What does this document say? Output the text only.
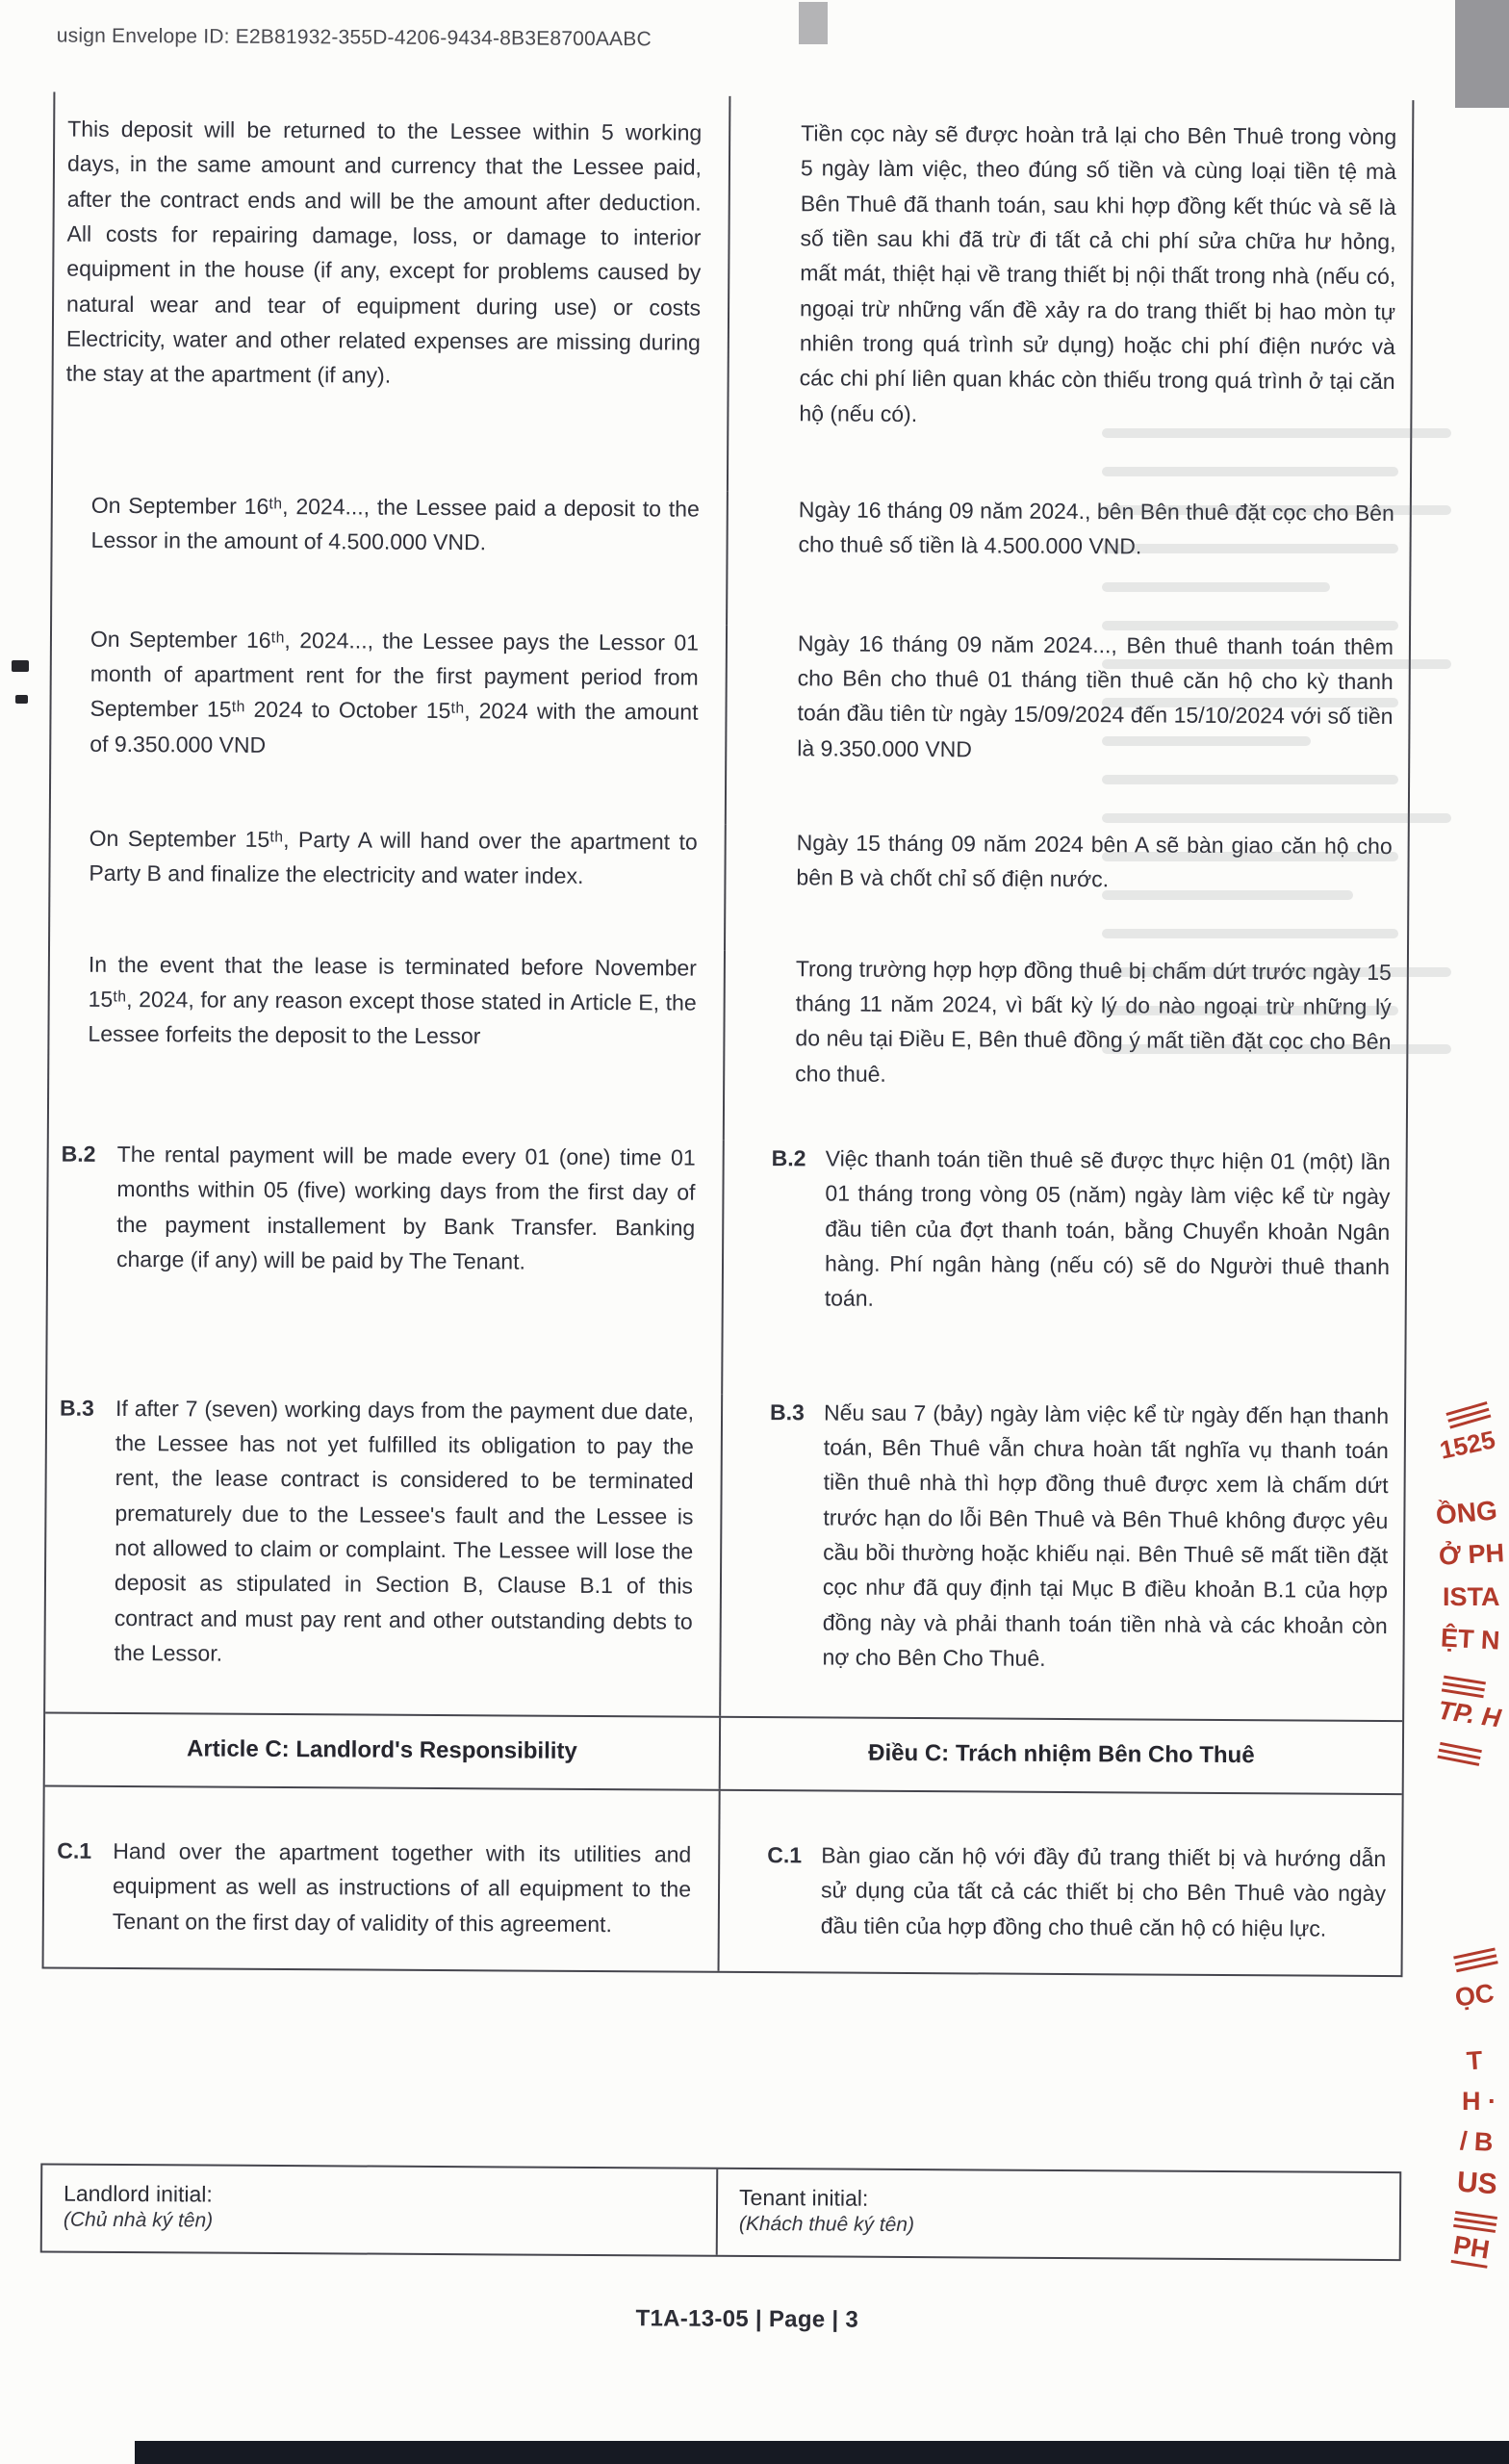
usign Envelope ID: E2B81932-355D-4206-9434-8B3E8700AABC

This deposit will be returned to the Lessee within 5 working days, in the same amount and currency that the Lessee paid, after the contract ends and will be the amount after deduction. All costs for repairing damage, loss, or damage to interior equipment in the house (if any, except for problems caused by natural wear and tear of equipment during use) or costs Electricity, water and other related expenses are missing during the stay at the apartment (if any).

Tiền cọc này sẽ được hoàn trả lại cho Bên Thuê trong vòng 5 ngày làm việc, theo đúng số tiền và cùng loại tiền tệ mà Bên Thuê đã thanh toán, sau khi hợp đồng kết thúc và sẽ là số tiền sau khi đã trừ đi tất cả chi phí sửa chữa hư hỏng, mất mát, thiệt hại về trang thiết bị nội thất trong nhà (nếu có, ngoại trừ những vấn đề xảy ra do trang thiết bị hao mòn tự nhiên trong quá trình sử dụng) hoặc chi phí điện nước và các chi phí liên quan khác còn thiếu trong quá trình ở tại căn hộ (nếu có).

On September 16ᵗʰ, 2024..., the Lessee paid a deposit to the Lessor in the amount of 4.500.000 VND.

Ngày 16 tháng 09 năm 2024., bên Bên thuê đặt cọc cho Bên cho thuê số tiền là 4.500.000 VND.

On September 16ᵗʰ, 2024..., the Lessee pays the Lessor 01 month of apartment rent for the first payment period from September 15ᵗʰ 2024 to October 15ᵗʰ, 2024 with the amount of 9.350.000 VND

Ngày 16 tháng 09 năm 2024..., Bên thuê thanh toán thêm cho Bên cho thuê 01 tháng tiền thuê căn hộ cho kỳ thanh toán đầu tiên từ ngày 15/09/2024 đến 15/10/2024 với số tiền là 9.350.000 VND

On September 15ᵗʰ, Party A will hand over the apartment to Party B and finalize the electricity and water index.

Ngày 15 tháng 09 năm 2024 bên A sẽ bàn giao căn hộ cho bên B và chốt chỉ số điện nước.

In the event that the lease is terminated before November 15ᵗʰ, 2024, for any reason except those stated in Article E, the Lessee forfeits the deposit to the Lessor

Trong trường hợp hợp đồng thuê bị chấm dứt trước ngày 15 tháng 11 năm 2024, vì bất kỳ lý do nào ngoại trừ những lý do nêu tại Điều E, Bên thuê đồng ý mất tiền đặt cọc cho Bên cho thuê.

B.2 The rental payment will be made every 01 (one) time 01 months within 05 (five) working days from the first day of the payment installement by Bank Transfer. Banking charge (if any) will be paid by The Tenant.
B.2 Việc thanh toán tiền thuê sẽ được thực hiện 01 (một) lần 01 tháng trong vòng 05 (năm) ngày làm việc kể từ ngày đầu tiên của đợt thanh toán, bằng Chuyển khoản Ngân hàng. Phí ngân hàng (nếu có) sẽ do Người thuê thanh toán.
B.3 If after 7 (seven) working days from the payment due date, the Lessee has not yet fulfilled its obligation to pay the rent, the lease contract is considered to be terminated prematurely due to the Lessee's fault and the Lessee is not allowed to claim or complaint. The Lessee will lose the deposit as stipulated in Section B, Clause B.1 of this contract and must pay rent and other outstanding debts to the Lessor.
B.3 Nếu sau 7 (bảy) ngày làm việc kể từ ngày đến hạn thanh toán, Bên Thuê vẫn chưa hoàn tất nghĩa vụ thanh toán tiền thuê nhà thì hợp đồng thuê được xem là chấm dứt trước hạn do lỗi Bên Thuê và Bên Thuê không được yêu cầu bồi thường hoặc khiếu nại. Bên Thuê sẽ mất tiền đặt cọc như đã quy định tại Mục B điều khoản B.1 của hợp đồng này và phải thanh toán tiền nhà và các khoản còn nợ cho Bên Cho Thuê.
Article C: Landlord's Responsibility	Điều C: Trách nhiệm Bên Cho Thuê
C.1 Hand over the apartment together with its utilities and equipment as well as instructions of all equipment to the Tenant on the first day of validity of this agreement.
C.1 Bàn giao căn hộ với đầy đủ trang thiết bị và hướng dẫn sử dụng của tất cả các thiết bị cho Bên Thuê vào ngày đầu tiên của hợp đồng cho thuê căn hộ có hiệu lực.
Landlord initial:
(Chủ nhà ký tên)
Tenant initial:
(Khách thuê ký tên)
T1A-13-05 | Page | 3
1525
ỒNG
Ở PH
ISTA
ỆT N
TP. H
ỌC
T
H ·
/ B
US
PH
